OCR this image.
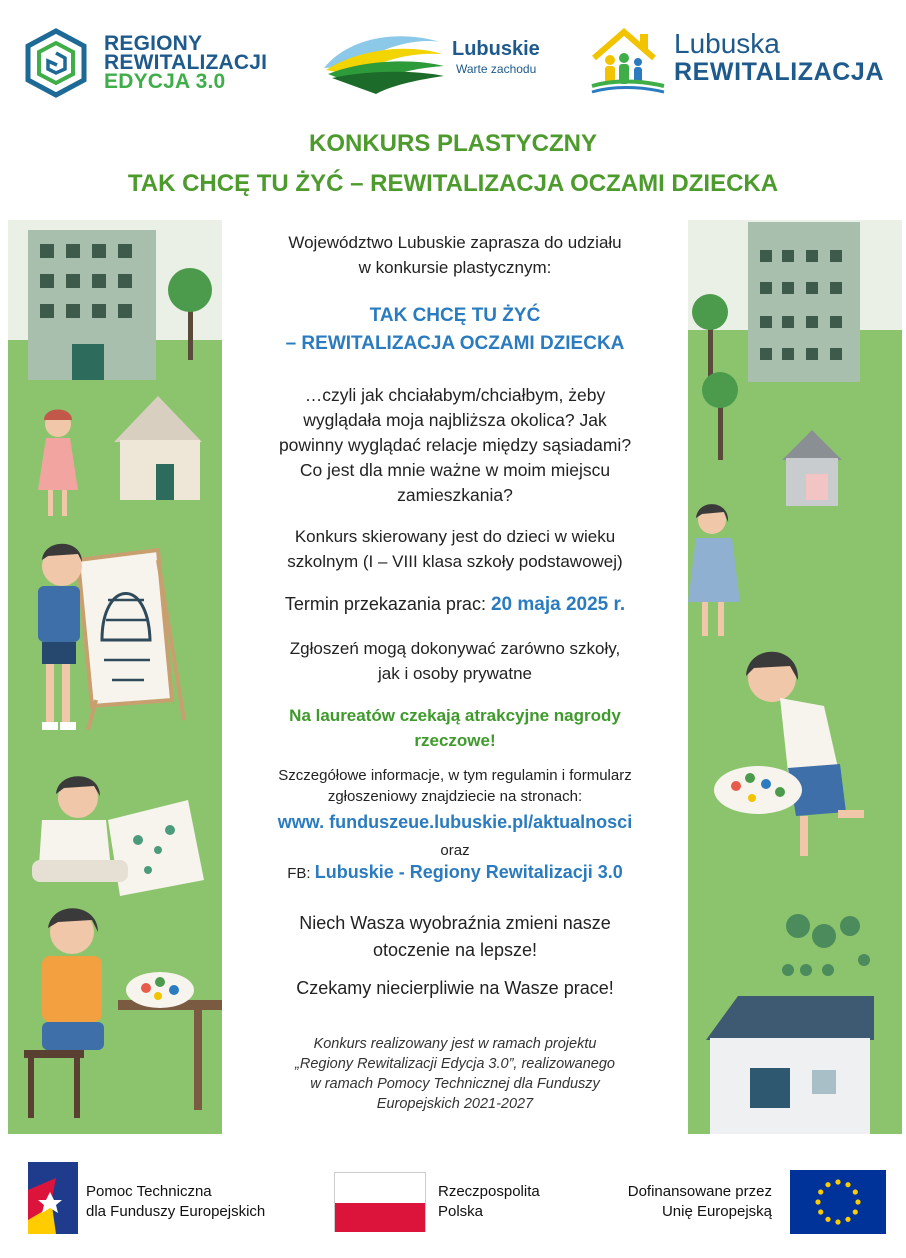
REGIONY
REWITALIZACJI
EDYCJA 3.0
Lubuskie
Warte zachodu
Lubuska
REWITALIZACJA
KONKURS PLASTYCZNY
TAK CHCĘ TU ŻYĆ – REWITALIZACJA OCZAMI DZIECKA
Województwo Lubuskie zaprasza do udziału
w konkursie plastycznym:
TAK CHCĘ TU ŻYĆ
– REWITALIZACJA OCZAMI DZIECKA
…czyli jak chciałabym/chciałbym, żeby
wyglądała moja najbliższa okolica? Jak
powinny wyglądać relacje między sąsiadami?
Co jest dla mnie ważne w moim miejscu
zamieszkania?
Konkurs skierowany jest do dzieci w wieku
szkolnym (I – VIII klasa szkoły podstawowej)
Termin przekazania prac: 20 maja 2025 r.
Zgłoszeń mogą dokonywać zarówno szkoły,
jak i osoby prywatne
Na laureatów czekają atrakcyjne nagrody
rzeczowe!
Szczegółowe informacje, w tym regulamin i formularz
zgłoszeniowy znajdziecie na stronach:
www. funduszeue.lubuskie.pl/aktualnosci
oraz
FB: Lubuskie - Regiony Rewitalizacji 3.0
Niech Wasza wyobraźnia zmieni nasze
otoczenie na lepsze!
Czekamy niecierpliwie na Wasze prace!
Konkurs realizowany jest w ramach projektu
„Regiony Rewitalizacji Edycja 3.0”, realizowanego
w ramach Pomocy Technicznej dla Funduszy
Europejskich 2021-2027
Pomoc Techniczna
dla Funduszy Europejskich
Rzeczpospolita
Polska
Dofinansowane przez
Unię Europejską
